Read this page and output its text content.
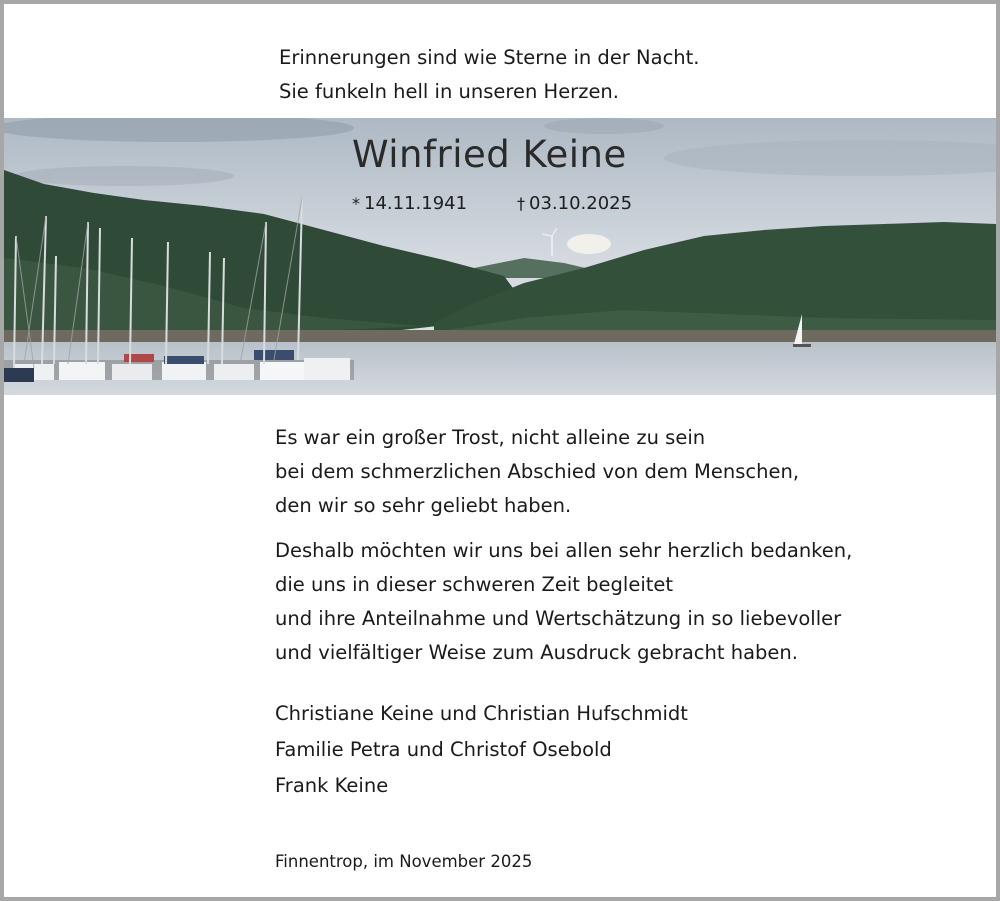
Erinnerungen sind wie Sterne in der Nacht.
Sie funkeln hell in unseren Herzen.
Winfried Keine
* 14.11.1941	† 03.10.2025
Es war ein großer Trost, nicht alleine zu sein
bei dem schmerzlichen Abschied von dem Menschen,
den wir so sehr geliebt haben.
Deshalb möchten wir uns bei allen sehr herzlich bedanken,
die uns in dieser schweren Zeit begleitet
und ihre Anteilnahme und Wertschätzung in so liebevoller
und vielfältiger Weise zum Ausdruck gebracht haben.
Christiane Keine und Christian Hufschmidt
Familie Petra und Christof Osebold
Frank Keine
Finnentrop, im November 2025
